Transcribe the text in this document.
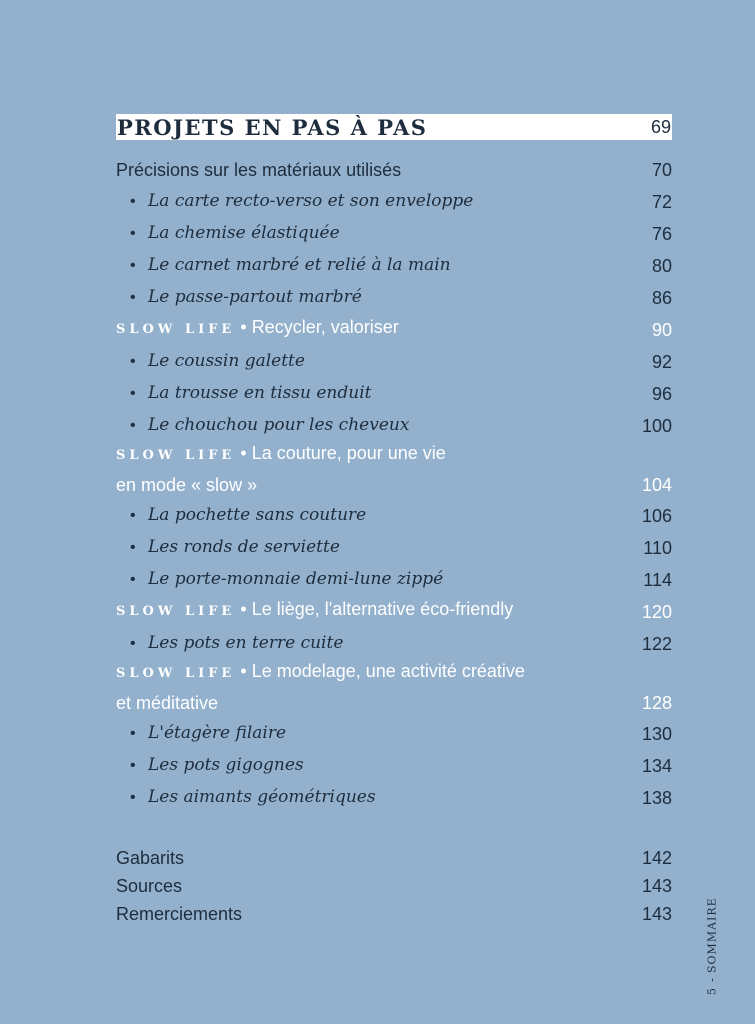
PROJETS EN PAS À PAS	69
Précisions sur les matériaux utilisés	70
• La carte recto-verso et son enveloppe	72
• La chemise élastiquée	76
• Le carnet marbré et relié à la main	80
• Le passe-partout marbré	86
SLOW LIFE • Recycler, valoriser	90
• Le coussin galette	92
• La trousse en tissu enduit	96
• Le chouchou pour les cheveux	100
SLOW LIFE • La couture, pour une vie
en mode « slow »	104
• La pochette sans couture	106
• Les ronds de serviette	110
• Le porte-monnaie demi-lune zippé	114
SLOW LIFE • Le liège, l'alternative éco-friendly	120
• Les pots en terre cuite	122
SLOW LIFE • Le modelage, une activité créative
et méditative	128
• L'étagère filaire	130
• Les pots gigognes	134
• Les aimants géométriques	138
Gabarits	142
Sources	143
Remerciements	143
5

-

SOMMAIRE
